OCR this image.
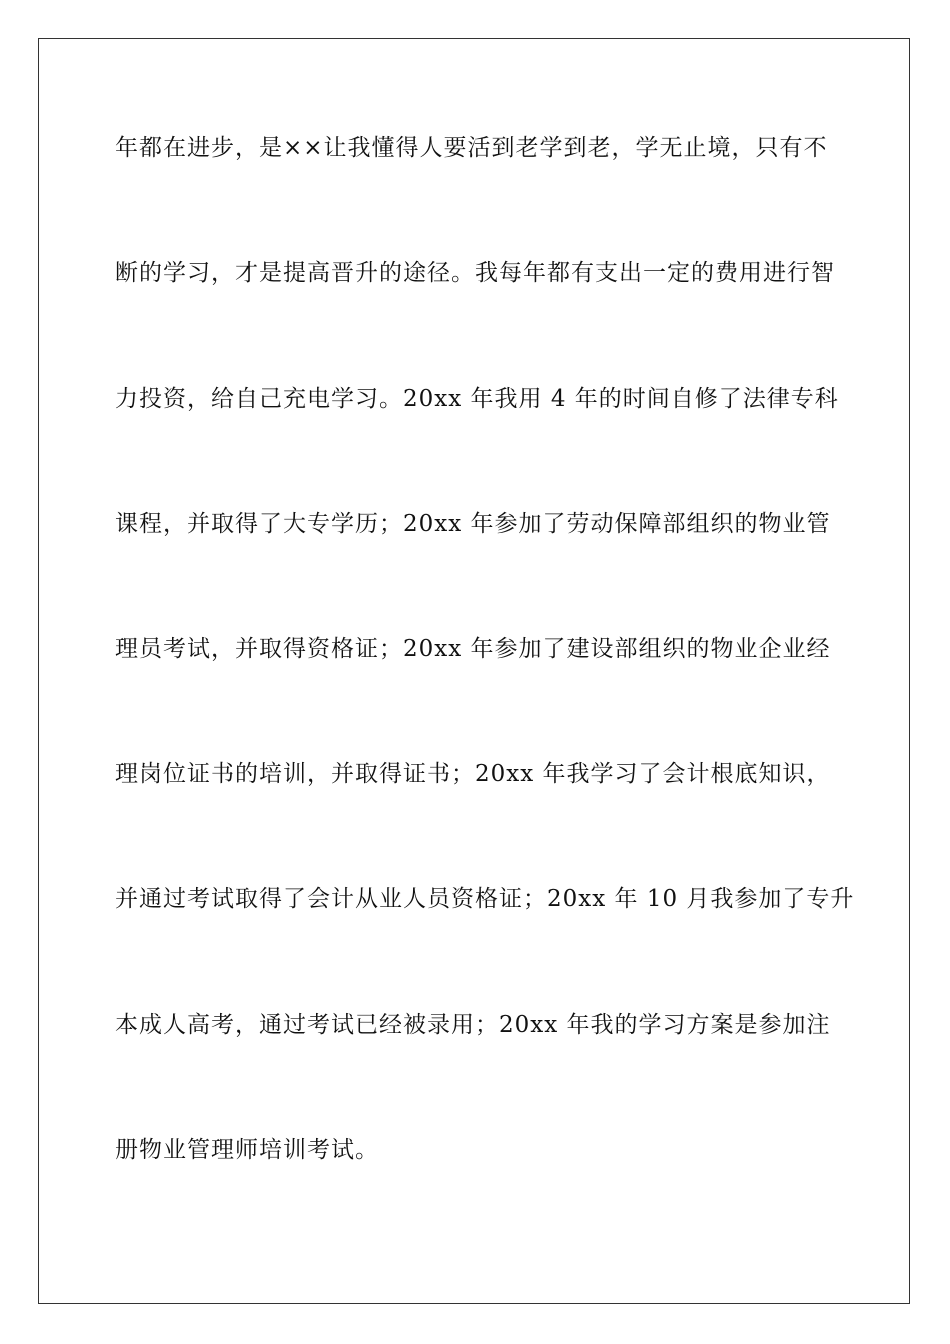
年都在进步，是××让我懂得人要活到老学到老，学无止境，只有不
断的学习，才是提高晋升的途径。我每年都有支出一定的费用进行智
力投资，给自己充电学习。20xx 年我用 4 年的时间自修了法律专科
课程，并取得了大专学历；20xx 年参加了劳动保障部组织的物业管
理员考试，并取得资格证；20xx 年参加了建设部组织的物业企业经
理岗位证书的培训，并取得证书；20xx 年我学习了会计根底知识，
并通过考试取得了会计从业人员资格证；20xx 年 10 月我参加了专升
本成人高考，通过考试已经被录用；20xx 年我的学习方案是参加注
册物业管理师培训考试。
